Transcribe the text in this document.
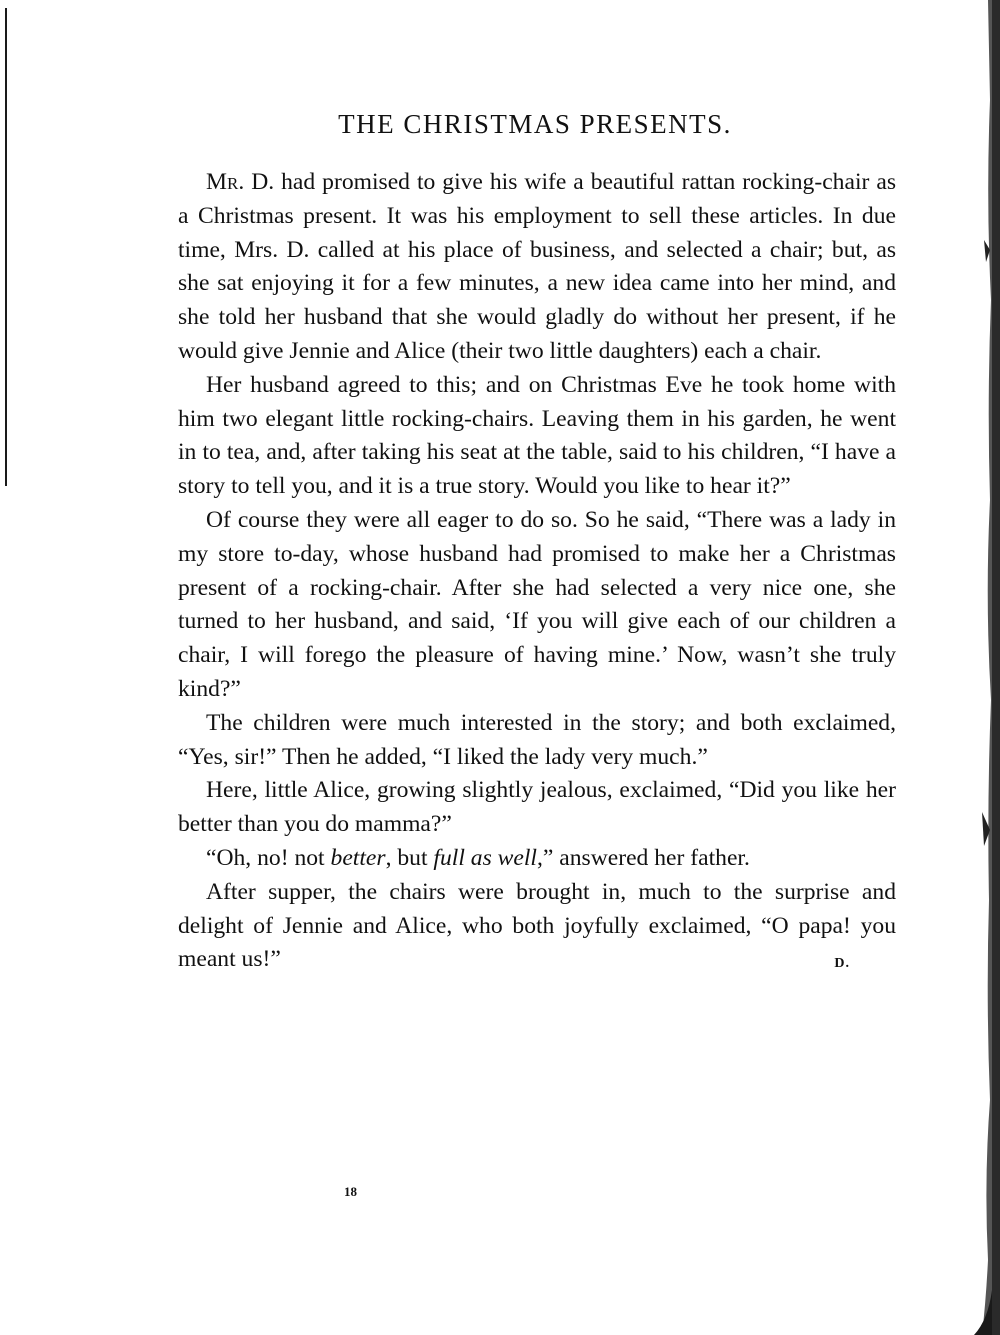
THE CHRISTMAS PRESENTS.

Mr. D. had promised to give his wife a beautiful rattan rocking-chair as a Christmas present. It was his employment to sell these articles. In due time, Mrs. D. called at his place of business, and selected a chair; but, as she sat enjoying it for a few minutes, a new idea came into her mind, and she told her husband that she would gladly do without her present, if he would give Jennie and Alice (their two little daughters) each a chair.

Her husband agreed to this; and on Christmas Eve he took home with him two elegant little rocking-chairs. Leaving them in his garden, he went in to tea, and, after taking his seat at the table, said to his children, “I have a story to tell you, and it is a true story. Would you like to hear it?”

Of course they were all eager to do so. So he said, “There was a lady in my store to-day, whose husband had promised to make her a Christmas present of a rocking-chair. After she had selected a very nice one, she turned to her husband, and said, ‘If you will give each of our children a chair, I will forego the pleasure of having mine.’ Now, wasn’t she truly kind?”

The children were much interested in the story; and both exclaimed, “Yes, sir!” Then he added, “I liked the lady very much.”

Here, little Alice, growing slightly jealous, exclaimed, “Did you like her better than you do mamma?”

“Oh, no! not better, but full as well,” answered her father.

After supper, the chairs were brought in, much to the surprise and delight of Jennie and Alice, who both joyfully exclaimed, “O papa! you meant us!”	D.

18
